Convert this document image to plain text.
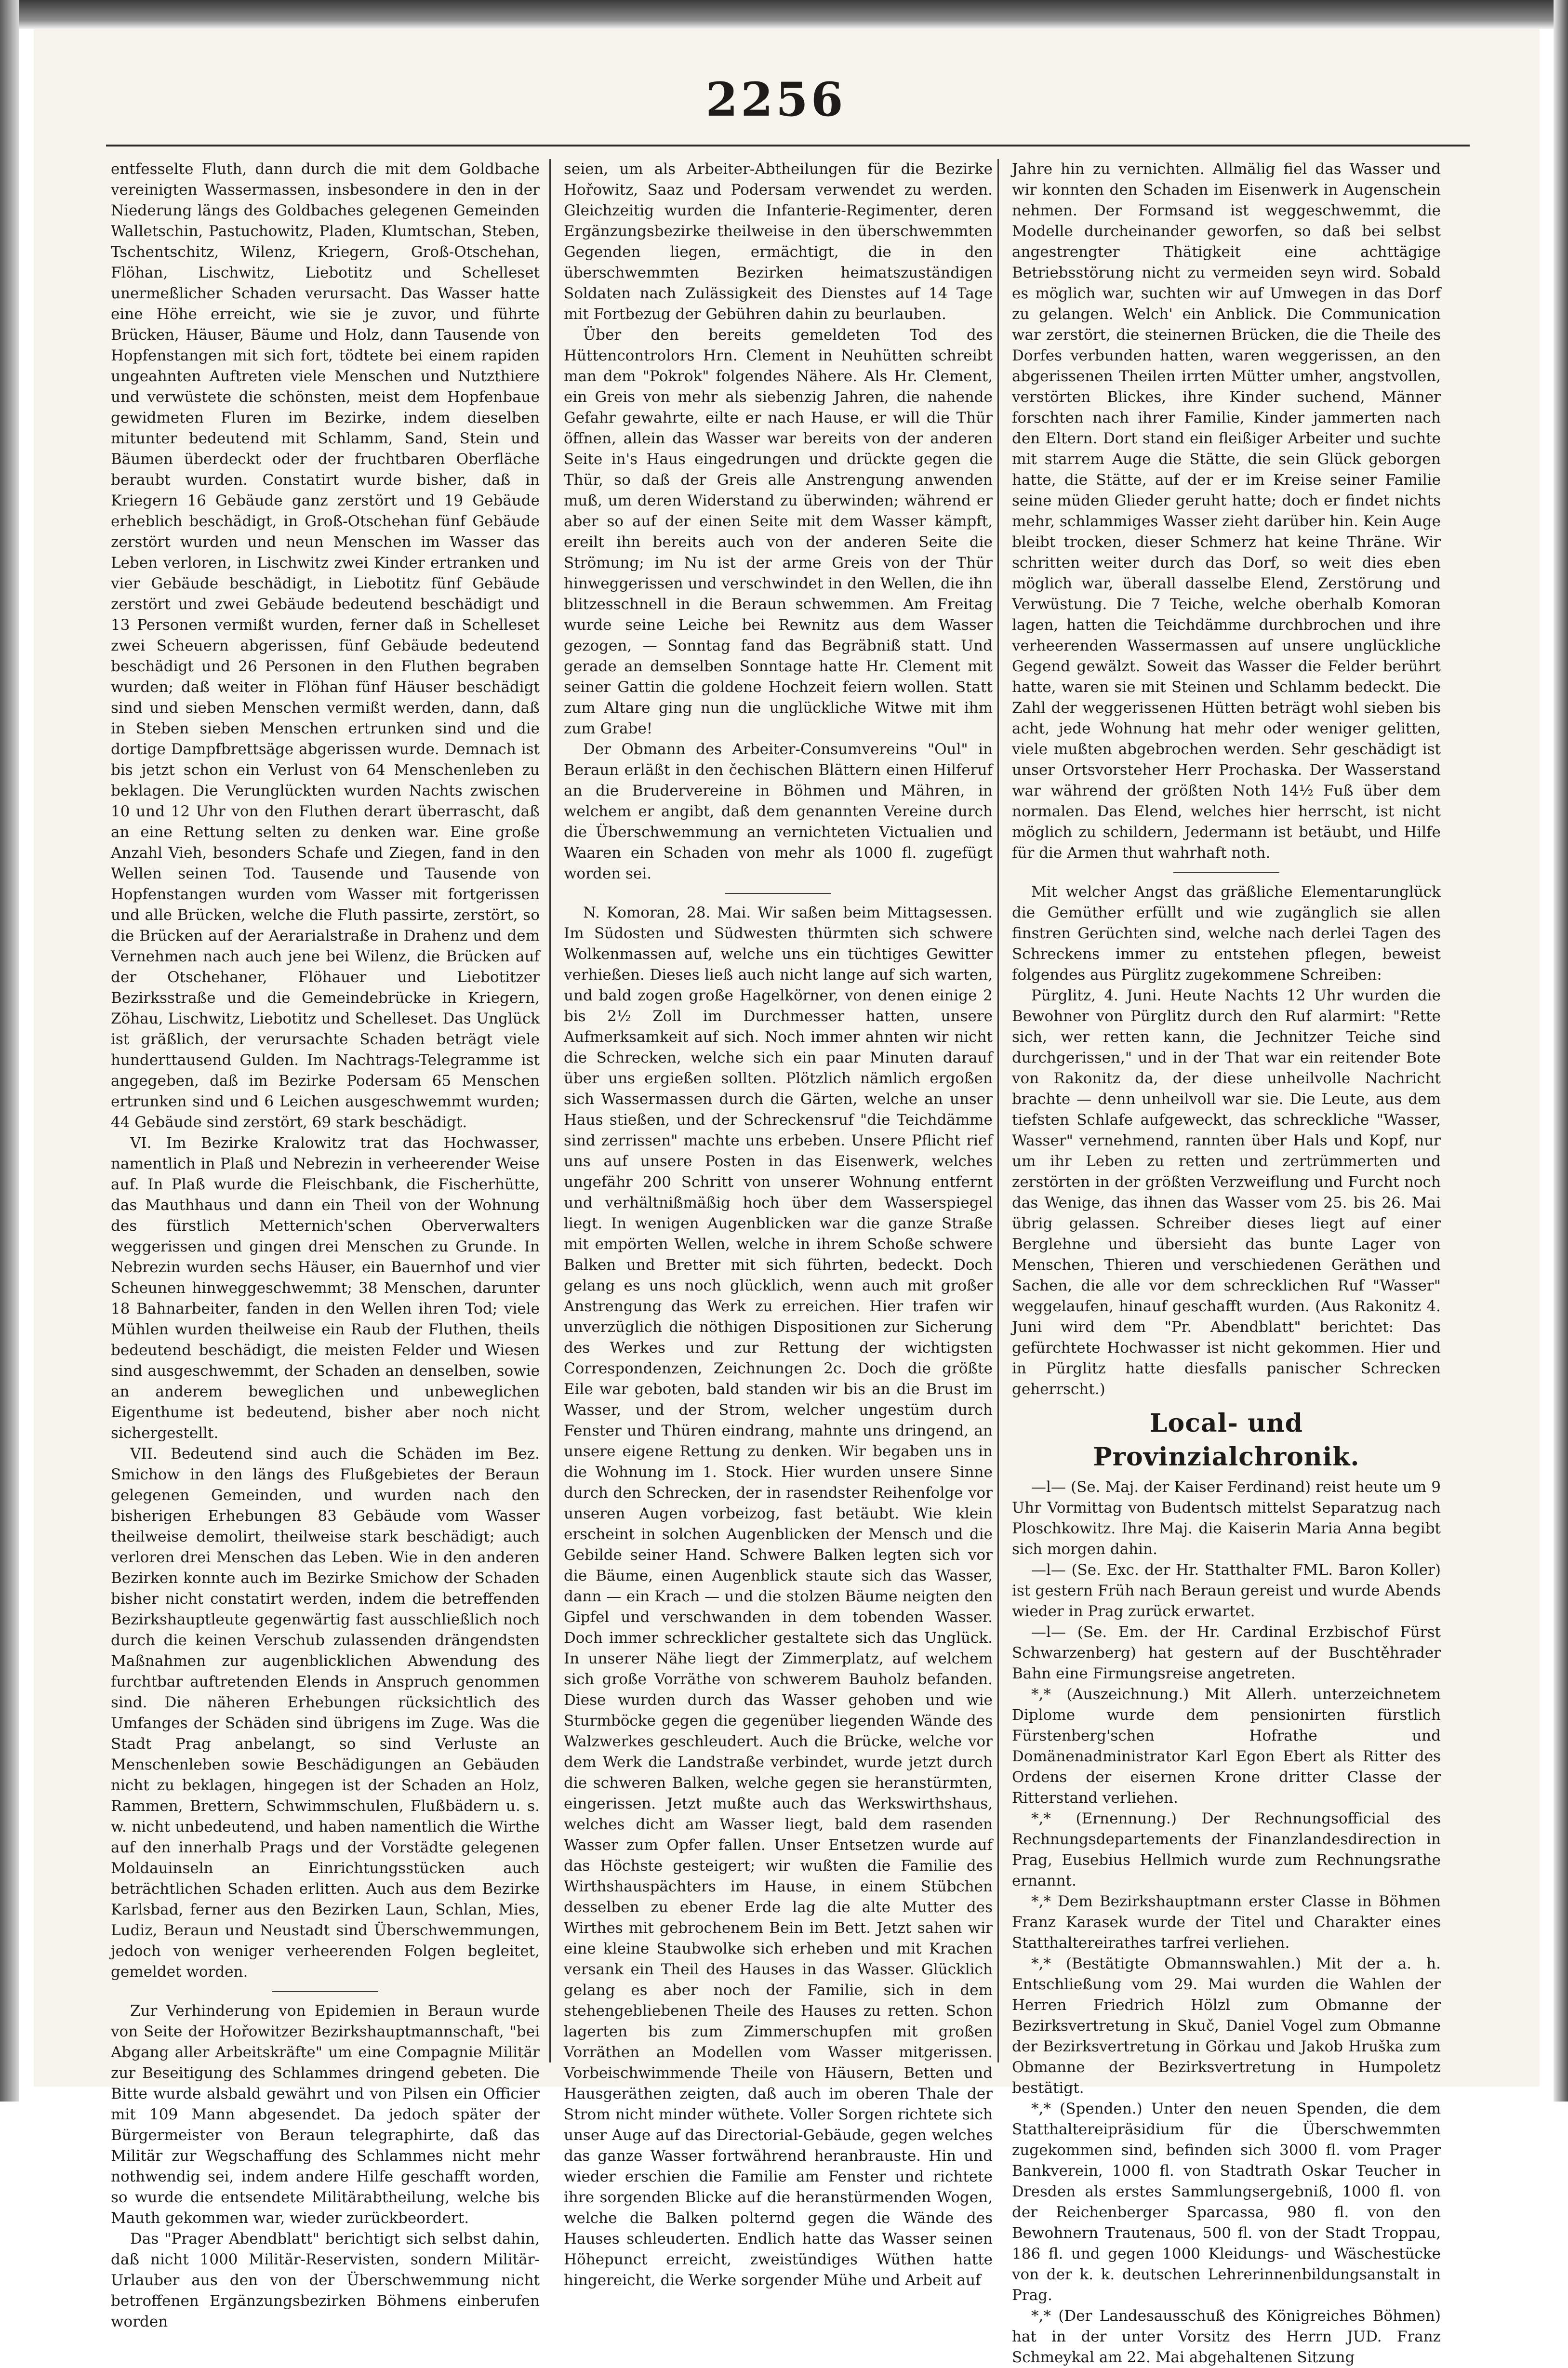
2256

entfesselte Fluth, dann durch die mit dem Goldbache vereinigten Wassermassen, insbesondere in den in der Niederung längs des Goldbaches gelegenen Gemeinden Walletschin, Pastuchowitz, Pladen, Klumtschan, Steben, Tschentschitz, Wilenz, Kriegern, Groß-Otschehan, Flöhan, Lischwitz, Liebotitz und Schelleset unermeßlicher Schaden verursacht. Das Wasser hatte eine Höhe erreicht, wie sie je zuvor, und führte Brücken, Häuser, Bäume und Holz, dann Tausende von Hopfenstangen mit sich fort, tödtete bei einem rapiden ungeahnten Auftreten viele Menschen und Nutzthiere und verwüstete die schönsten, meist dem Hopfenbaue gewidmeten Fluren im Bezirke, indem dieselben mitunter bedeutend mit Schlamm, Sand, Stein und Bäumen überdeckt oder der fruchtbaren Oberfläche beraubt wurden. Constatirt wurde bisher, daß in Kriegern 16 Gebäude ganz zerstört und 19 Gebäude erheblich beschädigt, in Groß-Otschehan fünf Gebäude zerstört wurden und neun Menschen im Wasser das Leben verloren, in Lischwitz zwei Kinder ertranken und vier Gebäude beschädigt, in Liebotitz fünf Gebäude zerstört und zwei Gebäude bedeutend beschädigt und 13 Personen vermißt wurden, ferner daß in Schelleset zwei Scheuern abgerissen, fünf Gebäude bedeutend beschädigt und 26 Personen in den Fluthen begraben wurden; daß weiter in Flöhan fünf Häuser beschädigt sind und sieben Menschen vermißt werden, dann, daß in Steben sieben Menschen ertrunken sind und die dortige Dampfbrettsäge abgerissen wurde. Demnach ist bis jetzt schon ein Verlust von 64 Menschenleben zu beklagen. Die Verunglückten wurden Nachts zwischen 10 und 12 Uhr von den Fluthen derart überrascht, daß an eine Rettung selten zu denken war. Eine große Anzahl Vieh, besonders Schafe und Ziegen, fand in den Wellen seinen Tod. Tausende und Tausende von Hopfenstangen wurden vom Wasser mit fortgerissen und alle Brücken, welche die Fluth passirte, zerstört, so die Brücken auf der Aerarialstraße in Drahenz und dem Vernehmen nach auch jene bei Wilenz, die Brücken auf der Otschehaner, Flöhauer und Liebotitzer Bezirksstraße und die Gemeindebrücke in Kriegern, Zöhau, Lischwitz, Liebotitz und Schelleset. Das Unglück ist gräßlich, der verursachte Schaden beträgt viele hunderttausend Gulden. Im Nachtrags-Telegramme ist angegeben, daß im Bezirke Podersam 65 Menschen ertrunken sind und 6 Leichen ausgeschwemmt wurden; 44 Gebäude sind zerstört, 69 stark beschädigt.

VI. Im Bezirke Kralowitz trat das Hochwasser, namentlich in Plaß und Nebrezin in verheerender Weise auf. In Plaß wurde die Fleischbank, die Fischerhütte, das Mauthhaus und dann ein Theil von der Wohnung des fürstlich Metternich'schen Oberverwalters weggerissen und gingen drei Menschen zu Grunde. In Nebrezin wurden sechs Häuser, ein Bauernhof und vier Scheunen hinweggeschwemmt; 38 Menschen, darunter 18 Bahnarbeiter, fanden in den Wellen ihren Tod; viele Mühlen wurden theilweise ein Raub der Fluthen, theils bedeutend beschädigt, die meisten Felder und Wiesen sind ausgeschwemmt, der Schaden an denselben, sowie an anderem beweglichen und unbeweglichen Eigenthume ist bedeutend, bisher aber noch nicht sichergestellt.

VII. Bedeutend sind auch die Schäden im Bez. Smichow in den längs des Flußgebietes der Beraun gelegenen Gemeinden, und wurden nach den bisherigen Erhebungen 83 Gebäude vom Wasser theilweise demolirt, theilweise stark beschädigt; auch verloren drei Menschen das Leben. Wie in den anderen Bezirken konnte auch im Bezirke Smichow der Schaden bisher nicht constatirt werden, indem die betreffenden Bezirkshauptleute gegenwärtig fast ausschließlich noch durch die keinen Verschub zulassenden drängendsten Maßnahmen zur augenblicklichen Abwendung des furchtbar auftretenden Elends in Anspruch genommen sind. Die näheren Erhebungen rücksichtlich des Umfanges der Schäden sind übrigens im Zuge. Was die Stadt Prag anbelangt, so sind Verluste an Menschenleben sowie Beschädigungen an Gebäuden nicht zu beklagen, hingegen ist der Schaden an Holz, Rammen, Brettern, Schwimmschulen, Flußbädern u. s. w. nicht unbedeutend, und haben namentlich die Wirthe auf den innerhalb Prags und der Vorstädte gelegenen Moldauinseln an Einrichtungsstücken auch beträchtlichen Schaden erlitten. Auch aus dem Bezirke Karlsbad, ferner aus den Bezirken Laun, Schlan, Mies, Ludiz, Beraun und Neustadt sind Überschwemmungen, jedoch von weniger verheerenden Folgen begleitet, gemeldet worden.

Zur Verhinderung von Epidemien in Beraun wurde von Seite der Hořowitzer Bezirkshauptmannschaft, "bei Abgang aller Arbeitskräfte" um eine Compagnie Militär zur Beseitigung des Schlammes dringend gebeten. Die Bitte wurde alsbald gewährt und von Pilsen ein Officier mit 109 Mann abgesendet. Da jedoch später der Bürgermeister von Beraun telegraphirte, daß das Militär zur Wegschaffung des Schlammes nicht mehr nothwendig sei, indem andere Hilfe geschafft worden, so wurde die entsendete Militärabtheilung, welche bis Mauth gekommen war, wieder zurückbeordert.

Das "Prager Abendblatt" berichtigt sich selbst dahin, daß nicht 1000 Militär-Reservisten, sondern Militär-Urlauber aus den von der Überschwemmung nicht betroffenen Ergänzungsbezirken Böhmens einberufen worden

seien, um als Arbeiter-Abtheilungen für die Bezirke Hořowitz, Saaz und Podersam verwendet zu werden. Gleichzeitig wurden die Infanterie-Regimenter, deren Ergänzungsbezirke theilweise in den überschwemmten Gegenden liegen, ermächtigt, die in den überschwemmten Bezirken heimatszuständigen Soldaten nach Zulässigkeit des Dienstes auf 14 Tage mit Fortbezug der Gebühren dahin zu beurlauben.

Über den bereits gemeldeten Tod des Hüttencontrolors Hrn. Clement in Neuhütten schreibt man dem "Pokrok" folgendes Nähere. Als Hr. Clement, ein Greis von mehr als siebenzig Jahren, die nahende Gefahr gewahrte, eilte er nach Hause, er will die Thür öffnen, allein das Wasser war bereits von der anderen Seite in's Haus eingedrungen und drückte gegen die Thür, so daß der Greis alle Anstrengung anwenden muß, um deren Widerstand zu überwinden; während er aber so auf der einen Seite mit dem Wasser kämpft, ereilt ihn bereits auch von der anderen Seite die Strömung; im Nu ist der arme Greis von der Thür hinweggerissen und verschwindet in den Wellen, die ihn blitzesschnell in die Beraun schwemmen. Am Freitag wurde seine Leiche bei Rewnitz aus dem Wasser gezogen, — Sonntag fand das Begräbniß statt. Und gerade an demselben Sonntage hatte Hr. Clement mit seiner Gattin die goldene Hochzeit feiern wollen. Statt zum Altare ging nun die unglückliche Witwe mit ihm zum Grabe!

Der Obmann des Arbeiter-Consumvereins "Oul" in Beraun erläßt in den čechischen Blättern einen Hilferuf an die Brudervereine in Böhmen und Mähren, in welchem er angibt, daß dem genannten Vereine durch die Überschwemmung an vernichteten Victualien und Waaren ein Schaden von mehr als 1000 fl. zugefügt worden sei.

N. Komoran, 28. Mai. Wir saßen beim Mittagsessen. Im Südosten und Südwesten thürmten sich schwere Wolkenmassen auf, welche uns ein tüchtiges Gewitter verhießen. Dieses ließ auch nicht lange auf sich warten, und bald zogen große Hagelkörner, von denen einige 2 bis 2½ Zoll im Durchmesser hatten, unsere Aufmerksamkeit auf sich. Noch immer ahnten wir nicht die Schrecken, welche sich ein paar Minuten darauf über uns ergießen sollten. Plötzlich nämlich ergoßen sich Wassermassen durch die Gärten, welche an unser Haus stießen, und der Schreckensruf "die Teichdämme sind zerrissen" machte uns erbeben. Unsere Pflicht rief uns auf unsere Posten in das Eisenwerk, welches ungefähr 200 Schritt von unserer Wohnung entfernt und verhältnißmäßig hoch über dem Wasserspiegel liegt. In wenigen Augenblicken war die ganze Straße mit empörten Wellen, welche in ihrem Schoße schwere Balken und Bretter mit sich führten, bedeckt. Doch gelang es uns noch glücklich, wenn auch mit großer Anstrengung das Werk zu erreichen. Hier trafen wir unverzüglich die nöthigen Dispositionen zur Sicherung des Werkes und zur Rettung der wichtigsten Correspondenzen, Zeichnungen 2c. Doch die größte Eile war geboten, bald standen wir bis an die Brust im Wasser, und der Strom, welcher ungestüm durch Fenster und Thüren eindrang, mahnte uns dringend, an unsere eigene Rettung zu denken. Wir begaben uns in die Wohnung im 1. Stock. Hier wurden unsere Sinne durch den Schrecken, der in rasendster Reihenfolge vor unseren Augen vorbeizog, fast betäubt. Wie klein erscheint in solchen Augenblicken der Mensch und die Gebilde seiner Hand. Schwere Balken legten sich vor die Bäume, einen Augenblick staute sich das Wasser, dann — ein Krach — und die stolzen Bäume neigten den Gipfel und verschwanden in dem tobenden Wasser. Doch immer schrecklicher gestaltete sich das Unglück. In unserer Nähe liegt der Zimmerplatz, auf welchem sich große Vorräthe von schwerem Bauholz befanden. Diese wurden durch das Wasser gehoben und wie Sturmböcke gegen die gegenüber liegenden Wände des Walzwerkes geschleudert. Auch die Brücke, welche vor dem Werk die Landstraße verbindet, wurde jetzt durch die schweren Balken, welche gegen sie heranstürmten, eingerissen. Jetzt mußte auch das Werkswirthshaus, welches dicht am Wasser liegt, bald dem rasenden Wasser zum Opfer fallen. Unser Entsetzen wurde auf das Höchste gesteigert; wir wußten die Familie des Wirthshauspächters im Hause, in einem Stübchen desselben zu ebener Erde lag die alte Mutter des Wirthes mit gebrochenem Bein im Bett. Jetzt sahen wir eine kleine Staubwolke sich erheben und mit Krachen versank ein Theil des Hauses in das Wasser. Glücklich gelang es aber noch der Familie, sich in dem stehengebliebenen Theile des Hauses zu retten. Schon lagerten bis zum Zimmerschupfen mit großen Vorräthen an Modellen vom Wasser mitgerissen. Vorbeischwimmende Theile von Häusern, Betten und Hausgeräthen zeigten, daß auch im oberen Thale der Strom nicht minder wüthete. Voller Sorgen richtete sich unser Auge auf das Directorial-Gebäude, gegen welches das ganze Wasser fortwährend heranbrauste. Hin und wieder erschien die Familie am Fenster und richtete ihre sorgenden Blicke auf die heranstürmenden Wogen, welche die Balken polternd gegen die Wände des Hauses schleuderten. Endlich hatte das Wasser seinen Höhepunct erreicht, zweistündiges Wüthen hatte hingereicht, die Werke sorgender Mühe und Arbeit auf

Jahre hin zu vernichten. Allmälig fiel das Wasser und wir konnten den Schaden im Eisenwerk in Augenschein nehmen. Der Formsand ist weggeschwemmt, die Modelle durcheinander geworfen, so daß bei selbst angestrengter Thätigkeit eine achttägige Betriebsstörung nicht zu vermeiden seyn wird. Sobald es möglich war, suchten wir auf Umwegen in das Dorf zu gelangen. Welch' ein Anblick. Die Communication war zerstört, die steinernen Brücken, die die Theile des Dorfes verbunden hatten, waren weggerissen, an den abgerissenen Theilen irrten Mütter umher, angstvollen, verstörten Blickes, ihre Kinder suchend, Männer forschten nach ihrer Familie, Kinder jammerten nach den Eltern. Dort stand ein fleißiger Arbeiter und suchte mit starrem Auge die Stätte, die sein Glück geborgen hatte, die Stätte, auf der er im Kreise seiner Familie seine müden Glieder geruht hatte; doch er findet nichts mehr, schlammiges Wasser zieht darüber hin. Kein Auge bleibt trocken, dieser Schmerz hat keine Thräne. Wir schritten weiter durch das Dorf, so weit dies eben möglich war, überall dasselbe Elend, Zerstörung und Verwüstung. Die 7 Teiche, welche oberhalb Komoran lagen, hatten die Teichdämme durchbrochen und ihre verheerenden Wassermassen auf unsere unglückliche Gegend gewälzt. Soweit das Wasser die Felder berührt hatte, waren sie mit Steinen und Schlamm bedeckt. Die Zahl der weggerissenen Hütten beträgt wohl sieben bis acht, jede Wohnung hat mehr oder weniger gelitten, viele mußten abgebrochen werden. Sehr geschädigt ist unser Ortsvorsteher Herr Prochaska. Der Wasserstand war während der größten Noth 14½ Fuß über dem normalen. Das Elend, welches hier herrscht, ist nicht möglich zu schildern, Jedermann ist betäubt, und Hilfe für die Armen thut wahrhaft noth.

Mit welcher Angst das gräßliche Elementarunglück die Gemüther erfüllt und wie zugänglich sie allen finstren Gerüchten sind, welche nach derlei Tagen des Schreckens immer zu entstehen pflegen, beweist folgendes aus Pürglitz zugekommene Schreiben:

Pürglitz, 4. Juni. Heute Nachts 12 Uhr wurden die Bewohner von Pürglitz durch den Ruf alarmirt: "Rette sich, wer retten kann, die Jechnitzer Teiche sind durchgerissen," und in der That war ein reitender Bote von Rakonitz da, der diese unheilvolle Nachricht brachte — denn unheilvoll war sie. Die Leute, aus dem tiefsten Schlafe aufgeweckt, das schreckliche "Wasser, Wasser" vernehmend, rannten über Hals und Kopf, nur um ihr Leben zu retten und zertrümmerten und zerstörten in der größten Verzweiflung und Furcht noch das Wenige, das ihnen das Wasser vom 25. bis 26. Mai übrig gelassen. Schreiber dieses liegt auf einer Berglehne und übersieht das bunte Lager von Menschen, Thieren und verschiedenen Geräthen und Sachen, die alle vor dem schrecklichen Ruf "Wasser" weggelaufen, hinauf geschafft wurden. (Aus Rakonitz 4. Juni wird dem "Pr. Abendblatt" berichtet: Das gefürchtete Hochwasser ist nicht gekommen. Hier und in Pürglitz hatte diesfalls panischer Schrecken geherrscht.)

Local- und Provinzialchronik.

—l— (Se. Maj. der Kaiser Ferdinand) reist heute um 9 Uhr Vormittag von Budentsch mittelst Separatzug nach Ploschkowitz. Ihre Maj. die Kaiserin Maria Anna begibt sich morgen dahin.

—l— (Se. Exc. der Hr. Statthalter FML. Baron Koller) ist gestern Früh nach Beraun gereist und wurde Abends wieder in Prag zurück erwartet.

—l— (Se. Em. der Hr. Cardinal Erzbischof Fürst Schwarzenberg) hat gestern auf der Buschtěhrader Bahn eine Firmungsreise angetreten.

*,* (Auszeichnung.) Mit Allerh. unterzeichnetem Diplome wurde dem pensionirten fürstlich Fürstenberg'schen Hofrathe und Domänenadministrator Karl Egon Ebert als Ritter des Ordens der eisernen Krone dritter Classe der Ritterstand verliehen.

*,* (Ernennung.) Der Rechnungsofficial des Rechnungsdepartements der Finanzlandesdirection in Prag, Eusebius Hellmich wurde zum Rechnungsrathe ernannt.

*,* Dem Bezirkshauptmann erster Classe in Böhmen Franz Karasek wurde der Titel und Charakter eines Statthaltereirathes tarfrei verliehen.

*,* (Bestätigte Obmannswahlen.) Mit der a. h. Entschließung vom 29. Mai wurden die Wahlen der Herren Friedrich Hölzl zum Obmanne der Bezirksvertretung in Skuč, Daniel Vogel zum Obmanne der Bezirksvertretung in Görkau und Jakob Hruška zum Obmanne der Bezirksvertretung in Humpoletz bestätigt.

*,* (Spenden.) Unter den neuen Spenden, die dem Statthaltereipräsidium für die Überschwemmten zugekommen sind, befinden sich 3000 fl. vom Prager Bankverein, 1000 fl. von Stadtrath Oskar Teucher in Dresden als erstes Sammlungsergebniß, 1000 fl. von der Reichenberger Sparcassa, 980 fl. von den Bewohnern Trautenaus, 500 fl. von der Stadt Troppau, 186 fl. und gegen 1000 Kleidungs- und Wäschestücke von der k. k. deutschen Lehrerinnenbildungsanstalt in Prag.

*,* (Der Landesausschuß des Königreiches Böhmen) hat in der unter Vorsitz des Herrn JUD. Franz Schmeykal am 22. Mai abgehaltenen Sitzung
